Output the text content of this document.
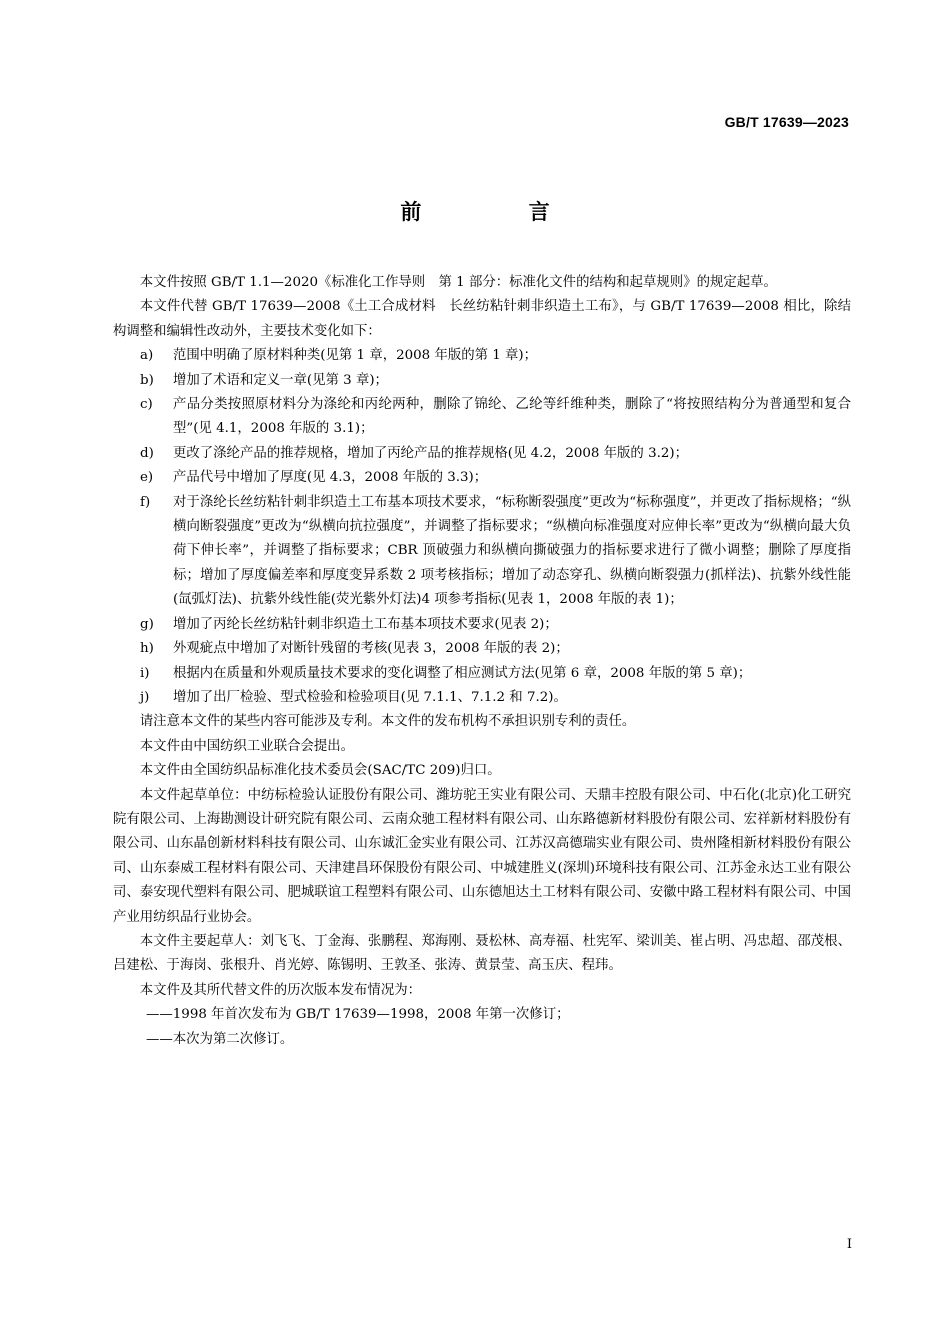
GB/T 17639—2023
前 言

本文件按照 GB/T 1.1—2020《标准化工作导则　第 1 部分：标准化文件的结构和起草规则》的规定起草。

本文件代替 GB/T 17639—2008《土工合成材料　长丝纺粘针刺非织造土工布》，与 GB/T 17639—2008 相比，除结构调整和编辑性改动外，主要技术变化如下：

a)	范围中明确了原材料种类(见第 1 章，2008 年版的第 1 章)；
b)	增加了术语和定义一章(见第 3 章)；
c)	产品分类按照原材料分为涤纶和丙纶两种，删除了锦纶、乙纶等纤维种类，删除了“将按照结构分为普通型和复合型”(见 4.1，2008 年版的 3.1)；
d)	更改了涤纶产品的推荐规格，增加了丙纶产品的推荐规格(见 4.2，2008 年版的 3.2)；
e)	产品代号中增加了厚度(见 4.3，2008 年版的 3.3)；
f)	对于涤纶长丝纺粘针刺非织造土工布基本项技术要求，“标称断裂强度”更改为“标称强度”，并更改了指标规格；“纵横向断裂强度”更改为“纵横向抗拉强度”，并调整了指标要求；“纵横向标准强度对应伸长率”更改为“纵横向最大负荷下伸长率”，并调整了指标要求；CBR 顶破强力和纵横向撕破强力的指标要求进行了微小调整；删除了厚度指标；增加了厚度偏差率和厚度变异系数 2 项考核指标；增加了动态穿孔、纵横向断裂强力(抓样法)、抗紫外线性能(氙弧灯法)、抗紫外线性能(荧光紫外灯法)4 项参考指标(见表 1，2008 年版的表 1)；
g)	增加了丙纶长丝纺粘针刺非织造土工布基本项技术要求(见表 2)；
h)	外观疵点中增加了对断针残留的考核(见表 3，2008 年版的表 2)；
i)	根据内在质量和外观质量技术要求的变化调整了相应测试方法(见第 6 章，2008 年版的第 5 章)；
j)	增加了出厂检验、型式检验和检验项目(见 7.1.1、7.1.2 和 7.2)。

请注意本文件的某些内容可能涉及专利。本文件的发布机构不承担识别专利的责任。

本文件由中国纺织工业联合会提出。

本文件由全国纺织品标准化技术委员会(SAC/TC 209)归口。

本文件起草单位：中纺标检验认证股份有限公司、潍坊驼王实业有限公司、天鼎丰控股有限公司、中石化(北京)化工研究院有限公司、上海勘测设计研究院有限公司、云南众驰工程材料有限公司、山东路德新材料股份有限公司、宏祥新材料股份有限公司、山东晶创新材料科技有限公司、山东诚汇金实业有限公司、江苏汉高德瑞实业有限公司、贵州隆相新材料股份有限公司、山东泰威工程材料有限公司、天津建昌环保股份有限公司、中城建胜义(深圳)环境科技有限公司、江苏金永达工业有限公司、泰安现代塑料有限公司、肥城联谊工程塑料有限公司、山东德旭达土工材料有限公司、安徽中路工程材料有限公司、中国产业用纺织品行业协会。

本文件主要起草人：刘飞飞、丁金海、张鹏程、郑海刚、聂松林、高寿福、杜宪军、梁训美、崔占明、冯忠超、邵茂根、吕建松、于海岗、张根升、肖光婷、陈锡明、王敦圣、张涛、黄景莹、高玉庆、程玮。

本文件及其所代替文件的历次版本发布情况为：

——1998 年首次发布为 GB/T 17639—1998，2008 年第一次修订；

——本次为第二次修订。

I
